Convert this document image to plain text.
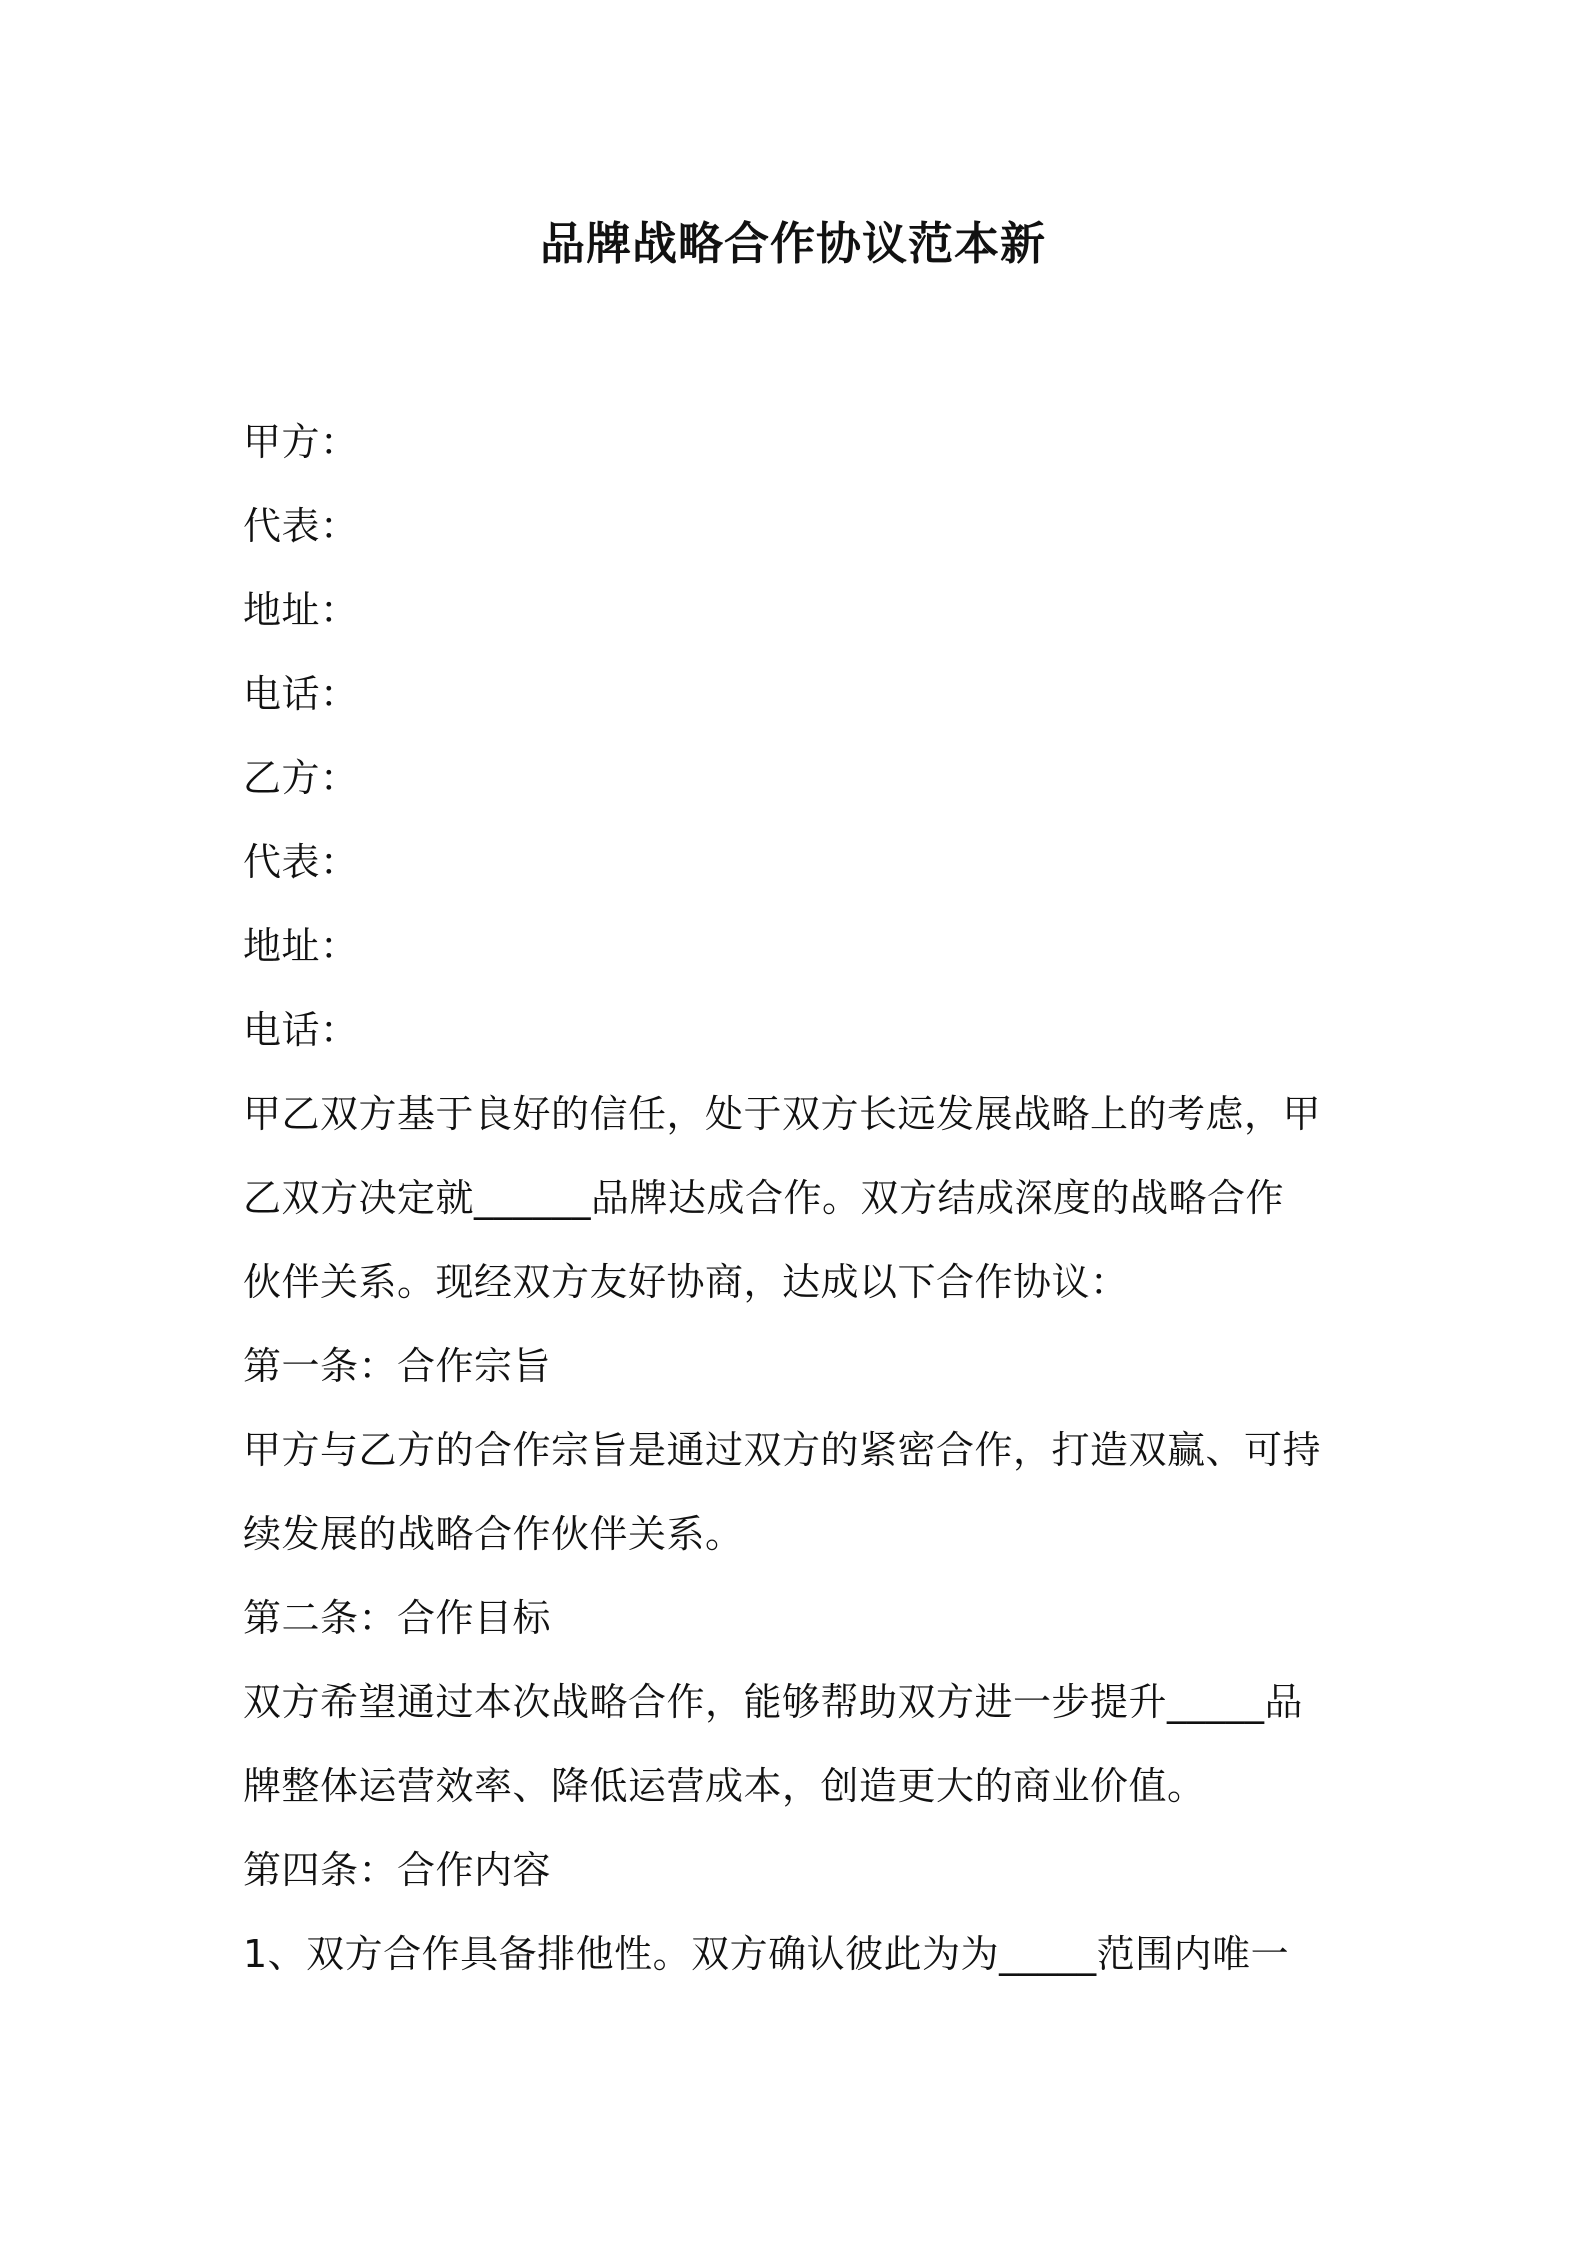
品牌战略合作协议范本新
甲方：
代表：
地址：
电话：
乙方：
代表：
地址：
电话：
甲乙双方基于良好的信任，处于双方长远发展战略上的考虑，甲
乙双方决定就______品牌达成合作。双方结成深度的战略合作
伙伴关系。现经双方友好协商，达成以下合作协议：
第一条：合作宗旨
甲方与乙方的合作宗旨是通过双方的紧密合作，打造双赢、可持
续发展的战略合作伙伴关系。
第二条：合作目标
双方希望通过本次战略合作，能够帮助双方进一步提升_____品
牌整体运营效率、降低运营成本，创造更大的商业价值。
第四条：合作内容
1、双方合作具备排他性。双方确认彼此为为_____范围内唯一
